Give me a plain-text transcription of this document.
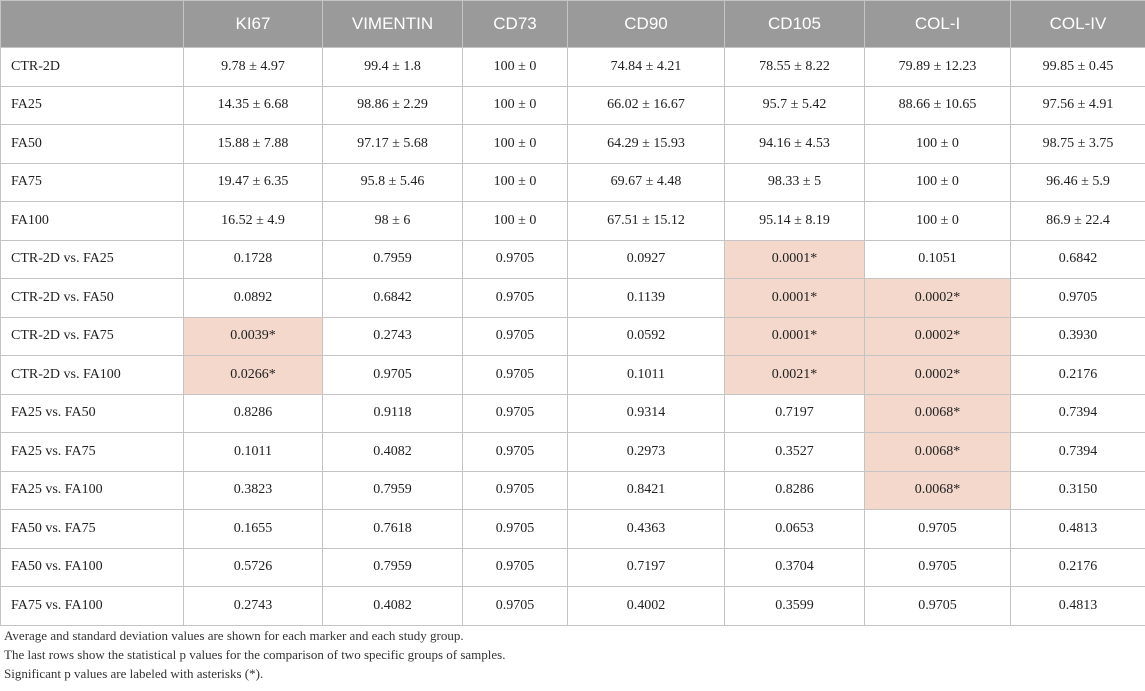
	KI67	VIMENTIN	CD73	CD90	CD105	COL-I	COL-IV
CTR-2D	9.78 ± 4.97	99.4 ± 1.8	100 ± 0	74.84 ± 4.21	78.55 ± 8.22	79.89 ± 12.23	99.85 ± 0.45
FA25	14.35 ± 6.68	98.86 ± 2.29	100 ± 0	66.02 ± 16.67	95.7 ± 5.42	88.66 ± 10.65	97.56 ± 4.91
FA50	15.88 ± 7.88	97.17 ± 5.68	100 ± 0	64.29 ± 15.93	94.16 ± 4.53	100 ± 0	98.75 ± 3.75
FA75	19.47 ± 6.35	95.8 ± 5.46	100 ± 0	69.67 ± 4.48	98.33 ± 5	100 ± 0	96.46 ± 5.9
FA100	16.52 ± 4.9	98 ± 6	100 ± 0	67.51 ± 15.12	95.14 ± 8.19	100 ± 0	86.9 ± 22.4
CTR-2D vs. FA25	0.1728	0.7959	0.9705	0.0927	0.0001*	0.1051	0.6842
CTR-2D vs. FA50	0.0892	0.6842	0.9705	0.1139	0.0001*	0.0002*	0.9705
CTR-2D vs. FA75	0.0039*	0.2743	0.9705	0.0592	0.0001*	0.0002*	0.3930
CTR-2D vs. FA100	0.0266*	0.9705	0.9705	0.1011	0.0021*	0.0002*	0.2176
FA25 vs. FA50	0.8286	0.9118	0.9705	0.9314	0.7197	0.0068*	0.7394
FA25 vs. FA75	0.1011	0.4082	0.9705	0.2973	0.3527	0.0068*	0.7394
FA25 vs. FA100	0.3823	0.7959	0.9705	0.8421	0.8286	0.0068*	0.3150
FA50 vs. FA75	0.1655	0.7618	0.9705	0.4363	0.0653	0.9705	0.4813
FA50 vs. FA100	0.5726	0.7959	0.9705	0.7197	0.3704	0.9705	0.2176
FA75 vs. FA100	0.2743	0.4082	0.9705	0.4002	0.3599	0.9705	0.4813
Average and standard deviation values are shown for each marker and each study group.
The last rows show the statistical p values for the comparison of two specific groups of samples.
Significant p values are labeled with asterisks (*).
